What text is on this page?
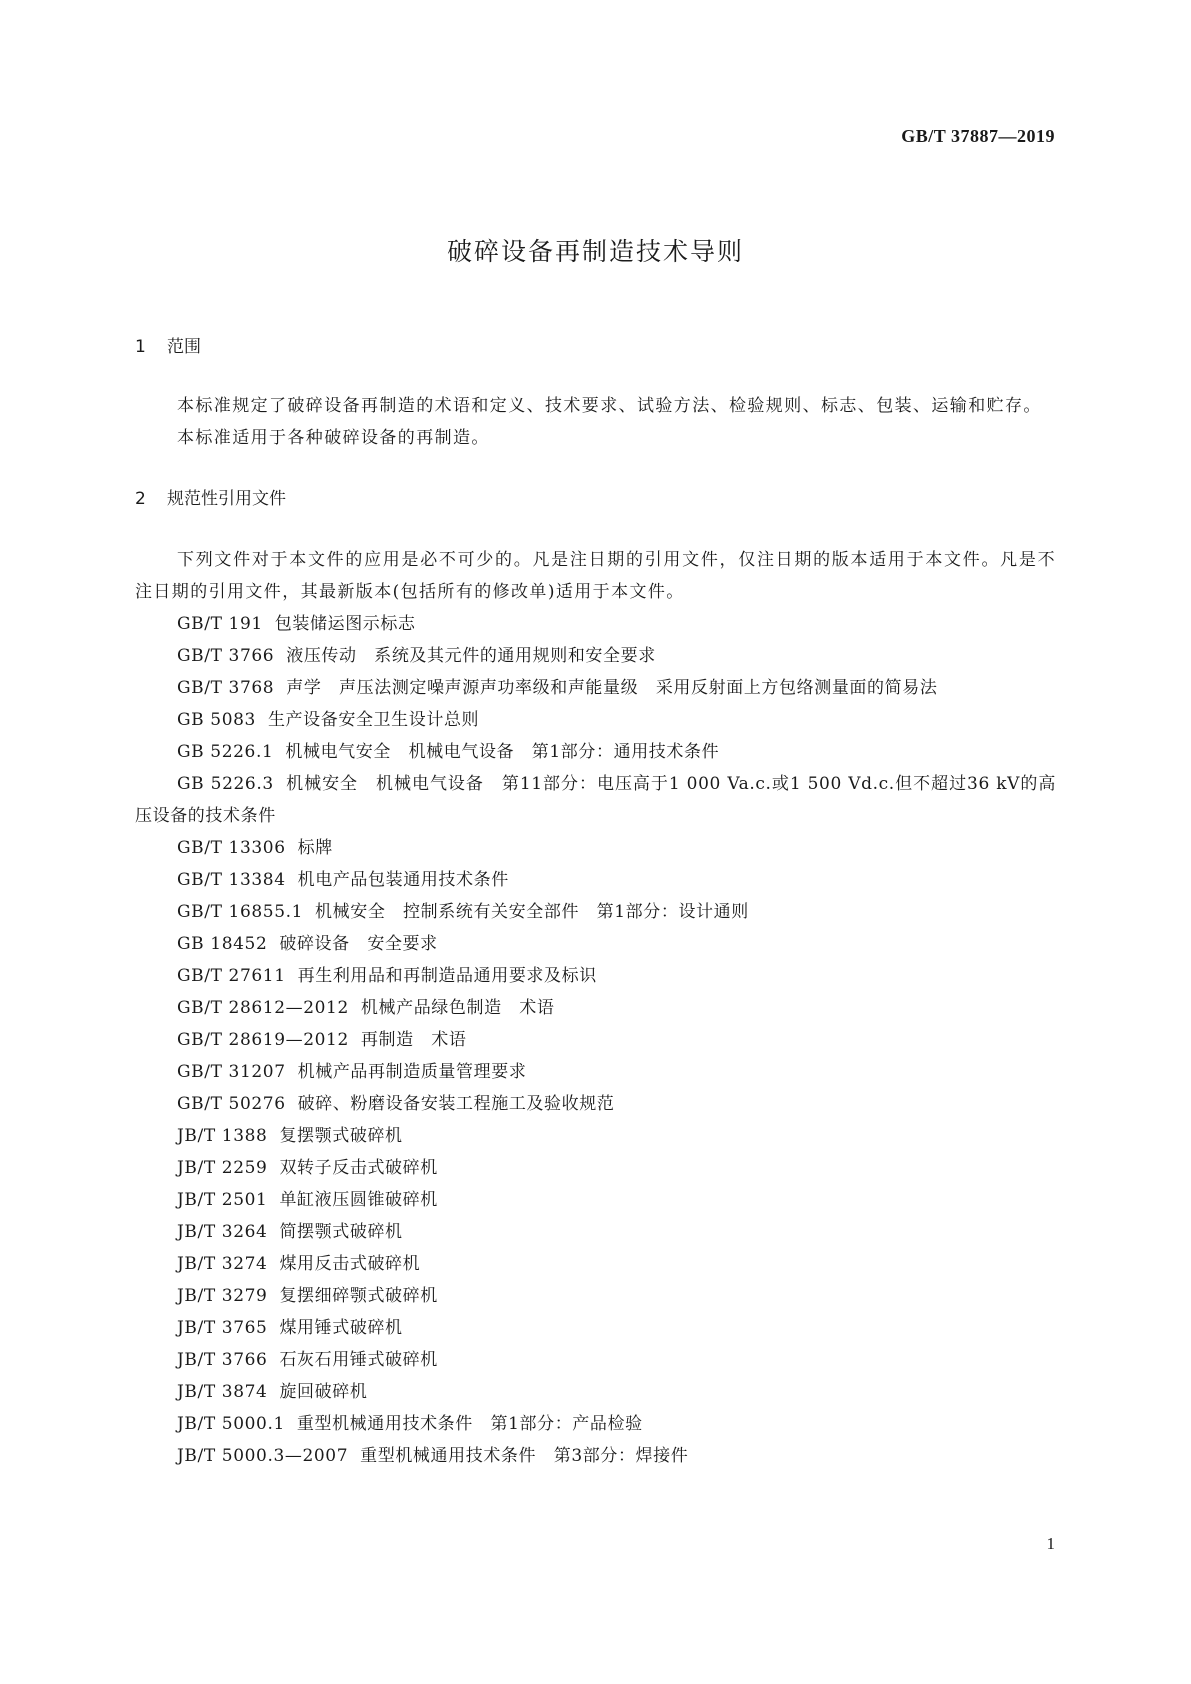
GB/T 37887—2019
破碎设备再制造技术导则
1 范围

本标准规定了破碎设备再制造的术语和定义、技术要求、试验方法、检验规则、标志、包装、运输和贮存。

本标准适用于各种破碎设备的再制造。

2 规范性引用文件

下列文件对于本文件的应用是必不可少的。凡是注日期的引用文件，仅注日期的版本适用于本文件。凡是不注日期的引用文件，其最新版本(包括所有的修改单)适用于本文件。

GB/T 191 包装储运图示标志

GB/T 3766 液压传动　系统及其元件的通用规则和安全要求

GB/T 3768 声学　声压法测定噪声源声功率级和声能量级　采用反射面上方包络测量面的简易法

GB 5083 生产设备安全卫生设计总则

GB 5226.1 机械电气安全　机械电气设备　第1部分：通用技术条件

GB 5226.3 机械安全　机械电气设备　第11部分：电压高于1 000 Va.c.或1 500 Vd.c.但不超过36 kV的高压设备的技术条件

GB/T 13306 标牌

GB/T 13384 机电产品包装通用技术条件

GB/T 16855.1 机械安全　控制系统有关安全部件　第1部分：设计通则

GB 18452 破碎设备　安全要求

GB/T 27611 再生利用品和再制造品通用要求及标识

GB/T 28612—2012 机械产品绿色制造　术语

GB/T 28619—2012 再制造　术语

GB/T 31207 机械产品再制造质量管理要求

GB/T 50276 破碎、粉磨设备安装工程施工及验收规范

JB/T 1388 复摆颚式破碎机

JB/T 2259 双转子反击式破碎机

JB/T 2501 单缸液压圆锥破碎机

JB/T 3264 简摆颚式破碎机

JB/T 3274 煤用反击式破碎机

JB/T 3279 复摆细碎颚式破碎机

JB/T 3765 煤用锤式破碎机

JB/T 3766 石灰石用锤式破碎机

JB/T 3874 旋回破碎机

JB/T 5000.1 重型机械通用技术条件　第1部分：产品检验

JB/T 5000.3—2007 重型机械通用技术条件　第3部分：焊接件

1
